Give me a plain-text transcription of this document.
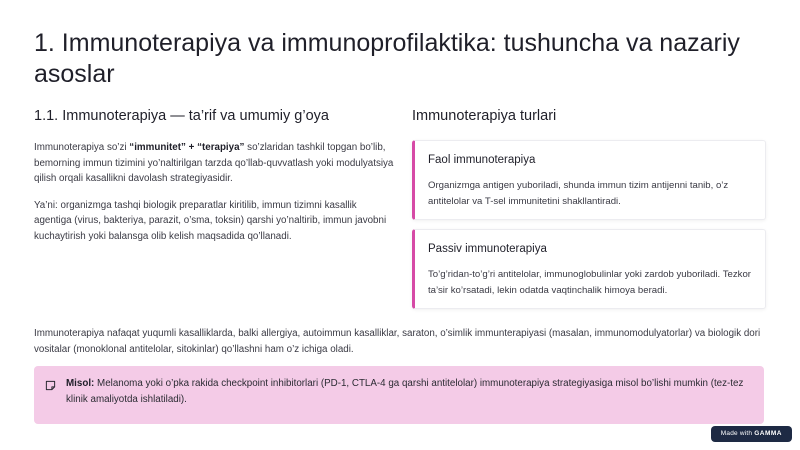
1. Immunoterapiya va immunoprofilaktika: tushuncha va nazariy asoslar
1.1. Immunoterapiya — ta’rif va umumiy g’oya

Immunoterapiya so’zi “immunitet” + “terapiya” so’zlaridan tashkil topgan bo’lib, bemorning immun tizimini yo’naltirilgan tarzda qo’llab-quvvatlash yoki modulyatsiya qilish orqali kasallikni davolash strategiyasidir.

Ya’ni: organizmga tashqi biologik preparatlar kiritilib, immun tizimni kasallik agentiga (virus, bakteriya, parazit, o’sma, toksin) qarshi yo’naltirib, immun javobni kuchaytirish yoki balansga olib kelish maqsadida qo’llanadi.

Immunoterapiya turlari
Faol immunoterapiya

Organizmga antigen yuboriladi, shunda immun tizim antijenni tanib, o’z antitelolar va T-sel immunitetini shakllantiradi.

Passiv immunoterapiya

To’g’ridan-to’g’ri antitelolar, immunoglobulinlar yoki zardob yuboriladi. Tezkor ta’sir ko’rsatadi, lekin odatda vaqtinchalik himoya beradi.

Immunoterapiya nafaqat yuqumli kasalliklarda, balki allergiya, autoimmun kasalliklar, saraton, o’simlik immunterapiyasi (masalan, immunomodulyatorlar) va biologik dori vositalar (monoklonal antitelolar, sitokinlar) qo’llashni ham o’z ichiga oladi.

Misol: Melanoma yoki o’pka rakida checkpoint inhibitorlari (PD-1, CTLA-4 ga qarshi antitelolar) immunoterapiya strategiyasiga misol bo’lishi mumkin (tez-tez klinik amaliyotda ishlatiladi).

Made with GAMMA
